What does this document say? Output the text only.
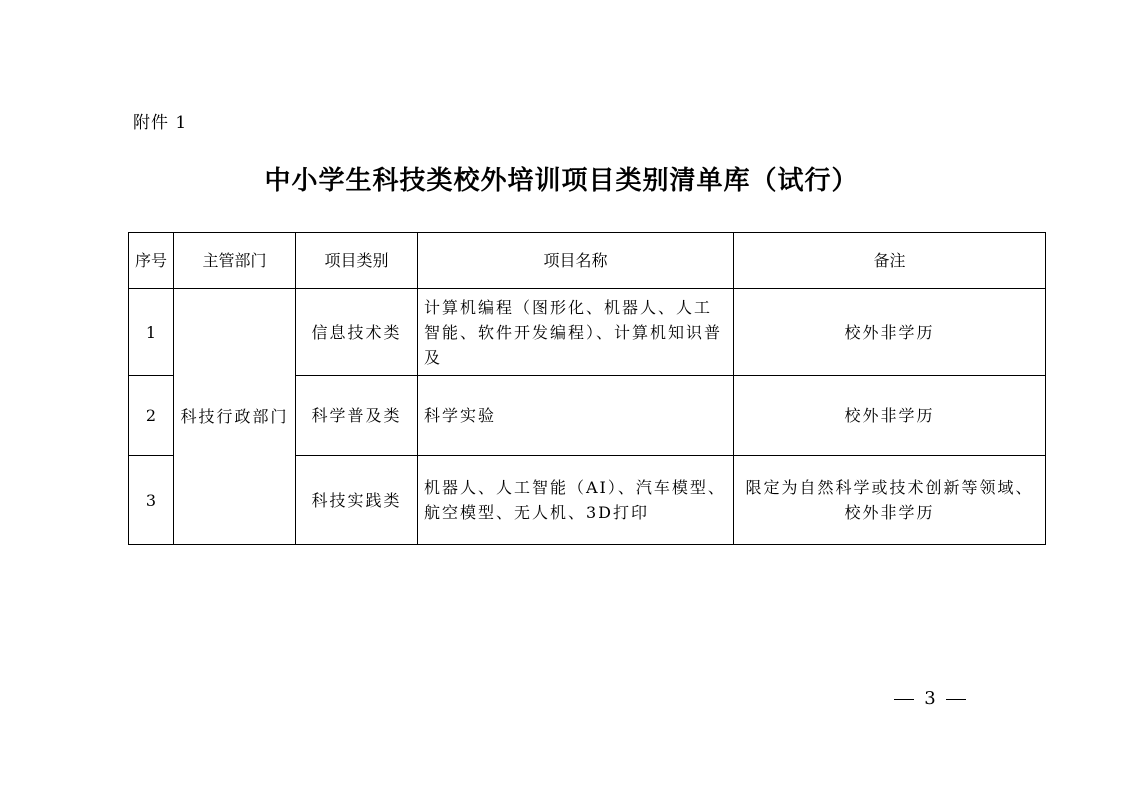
附件 1
中小学生科技类校外培训项目类别清单库（试行）
序号	主管部门	项目类别	项目名称	备注
1	科技行政部门	信息技术类	计算机编程（图形化、机器人、人工智能、软件开发编程）、计算机知识普及	校外非学历
2		科学普及类	科学实验	校外非学历
3		科技实践类	机器人、人工智能（AI）、汽车模型、航空模型、无人机、3D打印	限定为自然科学或技术创新等领域、校外非学历
3
